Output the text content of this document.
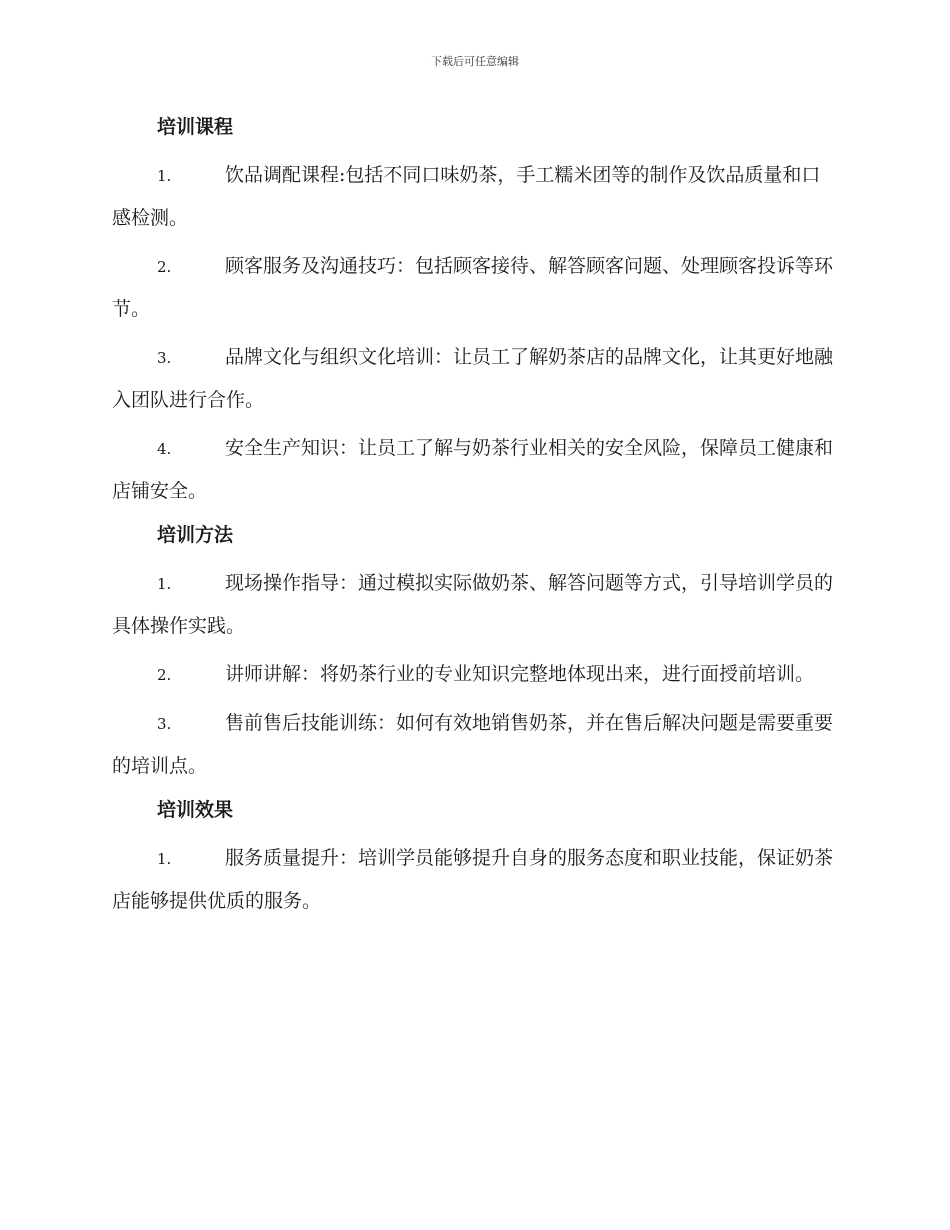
下载后可任意编辑
培训课程
1.	饮品调配课程:包括不同口味奶茶，手工糯米团等的制作及饮品质量和口感检测。
2.	顾客服务及沟通技巧：包括顾客接待、解答顾客问题、处理顾客投诉等环节。
3.	品牌文化与组织文化培训：让员工了解奶茶店的品牌文化，让其更好地融入团队进行合作。
4.	安全生产知识：让员工了解与奶茶行业相关的安全风险，保障员工健康和店铺安全。
培训方法
1.	现场操作指导：通过模拟实际做奶茶、解答问题等方式，引导培训学员的具体操作实践。
2.	讲师讲解：将奶茶行业的专业知识完整地体现出来，进行面授前培训。
3.	售前售后技能训练：如何有效地销售奶茶，并在售后解决问题是需要重要的培训点。
培训效果
1.	服务质量提升：培训学员能够提升自身的服务态度和职业技能，保证奶茶店能够提供优质的服务。
